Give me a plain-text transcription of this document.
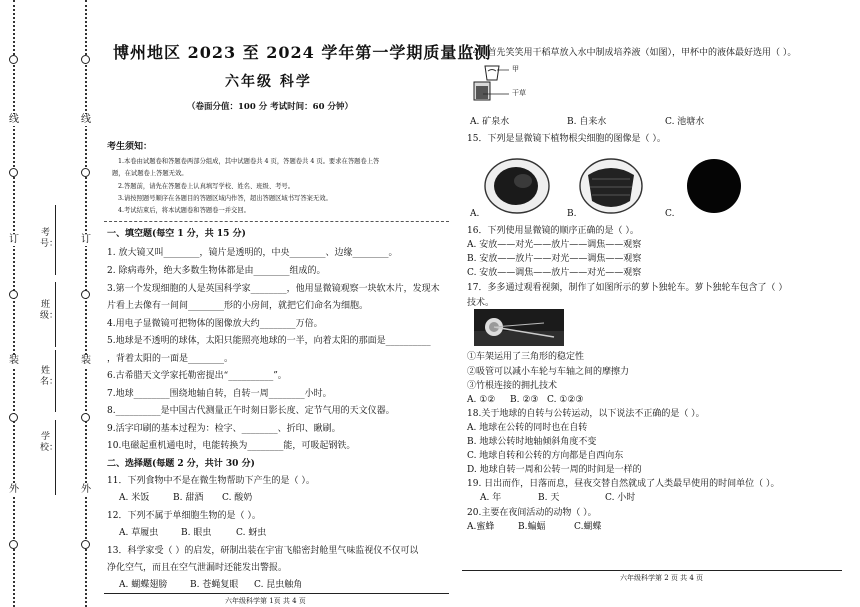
线
订
装
外
线
订
装
外
考号：
班级：
姓名：
学校：
博州地区 2023 至 2024 学年第一学期质量监测
六年级 科学
（卷面分值：100 分 考试时间：60 分钟）
考生须知：
1.本卷由试题卷和答题卷两部分组成，其中试题卷共 4 页，答题卷共 4 页。要求在答题卷上答
题，在试题卷上答题无效。
2.答题前，请先在答题卷上认真填写学校、姓名、班级、考号。
3.请按照题号顺序在各题目的答题区域内作答，超出答题区域书写答案无效。
4.考试结束后，将本试题卷和答题卷一并交回。
一、填空题(每空 1 分，共 15 分)
1. 放大镜又叫________，镜片是透明的，中央________、边缘________。
2. 除病毒外，绝大多数生物体都是由________组成的。
3.第一个发现细胞的人是英国科学家________，他用显微镜观察一块软木片，发现木
片看上去像有一间间________形的小房间，就把它们命名为细胞。
4.用电子显微镜可把物体的图像放大约________万倍。
5.地球是不透明的球体，太阳只能照亮地球的一半，向着太阳的那面是__________
，背着太阳的一面是________。
6.古希腊天文学家托勒密提出“__________”。
7.地球________围绕地轴自转，自转一周________小时。
8.__________是中国古代测量正午时刻日影长度、定节气用的天文仪器。
9.活字印刷的基本过程为：检字、________、折印、瞅刷。
10.电磁起重机通电时，电能转换为________能，可吸起钢铁。
二、选择题(每题 2 分，共计 30 分)
11．下列食物中不是在微生物帮助下产生的是（ ）。
A. 米饭	B. 甜酒 C. 酸奶
12．下列不属于单细胞生物的是（ ）。
A. 草履虫	B. 眼虫	C. 蚜虫
13．科学家受（ ）的启发，研制出装在宇宙飞船密封舱里气味监视仪不仅可以
净化空气，而且在空气泄漏时还能发出警报。
A. 蝴蝶翅膀	B. 苍蝇复眼 C. 昆虫触角
六年级科学第 1页 共 4 页
14．首先笑笑用干稻草放入水中制成培养液（如图），甲杯中的液体最好选用（ ）。
甲
干草
A. 矿泉水	B. 自来水	C. 池塘水
15．下列是显微镜下植物根尖细胞的图像是（ ）。
A.	B.	C.
16．下列使用显微镜的顺序正确的是（ ）。
A. 安放——对光——放片——调焦——观察
B. 安放——放片——对光——调焦——观察
C. 安放——调焦——放片——对光——观察
17．多多通过观看视频，制作了如图所示的萝卜独轮车。萝卜独轮车包含了（ ）
技术。
①车架运用了三角形的稳定性
②吸管可以减小车轮与车轴之间的摩擦力
③竹根连接的拥扎技术
A. ①② B. ②③ C. ①②③
18.关于地球的自转与公转运动，以下说法不正确的是（ ）。
A. 地球在公转的同时也在自转
B. 地球公转时地轴倾斜角度不变
C. 地球自转和公转的方向都是自西向东
D. 地球自转一周和公转一周的时间是一样的
19. 日出而作，日落而息，昼夜交替自然就成了人类最早使用的时间单位（ ）。
A. 年	B. 天	C. 小时
20.主要在夜间活动的动物（ ）。
A.蜜蜂	B.蝙蝠	C.蝴蝶
六年级科学第 2 页 共 4 页
